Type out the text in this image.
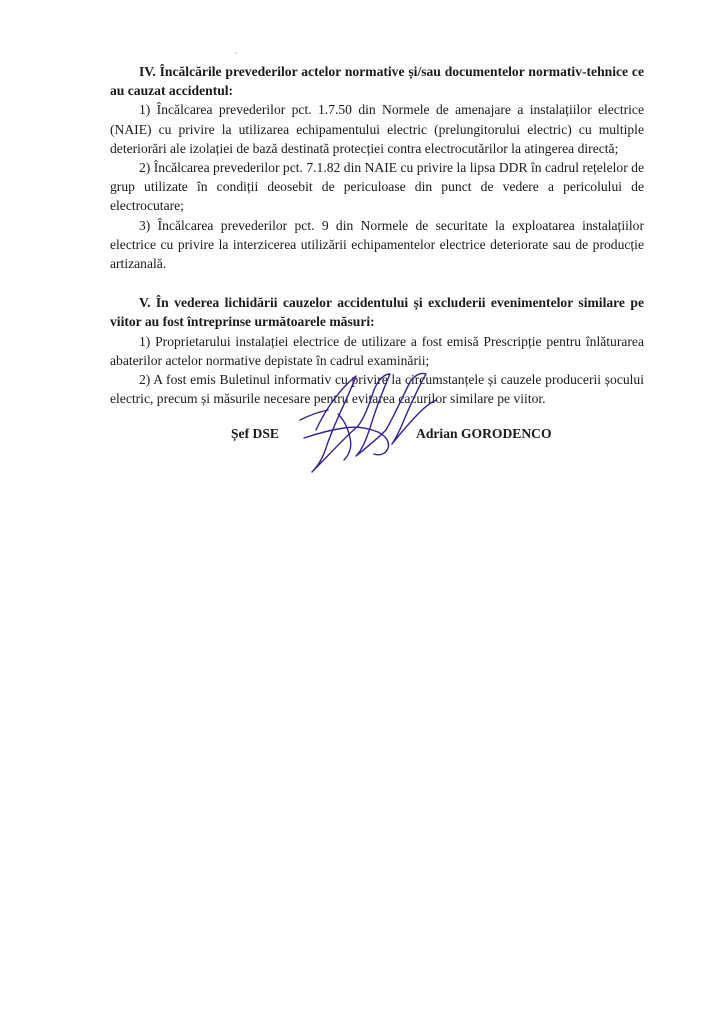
IV. Încălcările prevederilor actelor normative și/sau documentelor normativ-tehnice ce au cauzat accidentul:

1) Încălcarea prevederilor pct. 1.7.50 din Normele de amenajare a instalațiilor electrice (NAIE) cu privire la utilizarea echipamentului electric (prelungitorului electric) cu multiple deteriorări ale izolației de bază destinată protecției contra electrocutărilor la atingerea directă;

2) Încălcarea prevederilor pct. 7.1.82 din NAIE cu privire la lipsa DDR în cadrul rețelelor de grup utilizate în condiții deosebit de periculoase din punct de vedere a pericolului de electrocutare;

3) Încălcarea prevederilor pct. 9 din Normele de securitate la exploatarea instalațiilor electrice cu privire la interzicerea utilizării echipamentelor electrice deteriorate sau de producție artizanală.

V. În vederea lichidării cauzelor accidentului și excluderii evenimentelor similare pe viitor au fost întreprinse următoarele măsuri:

1) Proprietarului instalației electrice de utilizare a fost emisă Prescripție pentru înlăturarea abaterilor actelor normative depistate în cadrul examinării;

2) A fost emis Buletinul informativ cu privire la circumstanțele și cauzele producerii șocului electric, precum și măsurile necesare pentru evitarea cazurilor similare pe viitor.

Șef DSE	Adrian GORODENCO
